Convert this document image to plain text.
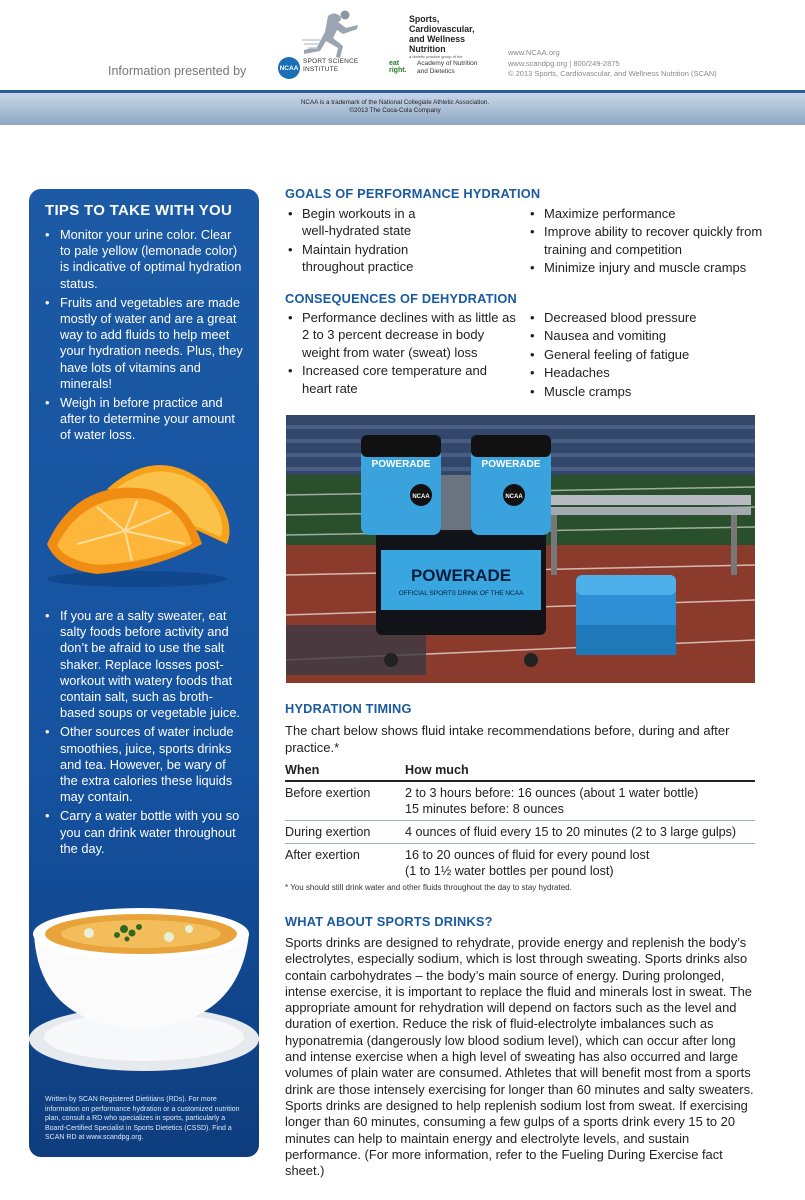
Information presented by	NCAA
SPORT SCIENCE
INSTITUTE
Sports, Cardiovascular, and Wellness Nutrition
a dietetic practice group of the
eat right.
Academy of Nutrition and Dietetics
www.NCAA.org
www.scandpg.org | 800/249-2875
© 2013 Sports, Cardiovascular, and Wellness Nutrition (SCAN)
NCAA is a trademark of the National Collegiate Athletic Association.
©2013 The Coca-Cola Company
TIPS TO TAKE WITH YOU
• Monitor your urine color. Clear to pale yellow (lemonade color) is indicative of optimal hydration status.
• Fruits and vegetables are made mostly of water and are a great way to add fluids to help meet your hydration needs. Plus, they have lots of vitamins and minerals!
• Weigh in before practice and after to determine your amount of water loss.
• If you are a salty sweater, eat salty foods before activity and don’t be afraid to use the salt shaker. Replace losses post-workout with watery foods that contain salt, such as broth-based soups or vegetable juice.
• Other sources of water include smoothies, juice, sports drinks and tea. However, be wary of the extra calories these liquids may contain.
• Carry a water bottle with you so you can drink water throughout the day.
Written by SCAN Registered Dietitians (RDs). For more information on performance hydration or a customized nutrition plan, consult a RD who specializes in sports, particularly a Board-Certified Specialist in Sports Dietetics (CSSD). Find a SCAN RD at www.scandpg.org.
GOALS OF PERFORMANCE HYDRATION
• Begin workouts in a well-hydrated state
• Maintain hydration throughout practice
• Maximize performance
• Improve ability to recover quickly from training and competition
• Minimize injury and muscle cramps
CONSEQUENCES OF DEHYDRATION
• Performance declines with as little as 2 to 3 percent decrease in body weight from water (sweat) loss
• Increased core temperature and heart rate
• Decreased blood pressure
• Nausea and vomiting
• General feeling of fatigue
• Headaches
• Muscle cramps
POWERADE
OFFICIAL SPORTS DRINK OF THE NCAA
POWERADE
NCAA
POWERADE
NCAA
HYDRATION TIMING
The chart below shows fluid intake recommendations before, during and after practice.*
When	How much
Before exertion	2 to 3 hours before: 16 ounces (about 1 water bottle)
15 minutes before: 8 ounces

During exertion	4 ounces of fluid every 15 to 20 minutes (2 to 3 large gulps)

After exertion	16 to 20 ounces of fluid for every pound lost
(1 to 1½ water bottles per pound lost)
* You should still drink water and other fluids throughout the day to stay hydrated.
WHAT ABOUT SPORTS DRINKS?
Sports drinks are designed to rehydrate, provide energy and replenish the body’s electrolytes, especially sodium, which is lost through sweating. Sports drinks also contain carbohydrates – the body’s main source of energy. During prolonged, intense exercise, it is important to replace the fluid and minerals lost in sweat. The appropriate amount for rehydration will depend on factors such as the level and duration of exertion. Reduce the risk of fluid-electrolyte imbalances such as hyponatremia (dangerously low blood sodium level), which can occur after long and intense exercise when a high level of sweating has also occurred and large volumes of plain water are consumed. Athletes that will benefit most from a sports drink are those intensely exercising for longer than 60 minutes and salty sweaters. Sports drinks are designed to help replenish sodium lost from sweat. If exercising longer than 60 minutes, consuming a few gulps of a sports drink every 15 to 20 minutes can help to maintain energy and electrolyte levels, and sustain performance. (For more information, refer to the Fueling During Exercise fact sheet.)
